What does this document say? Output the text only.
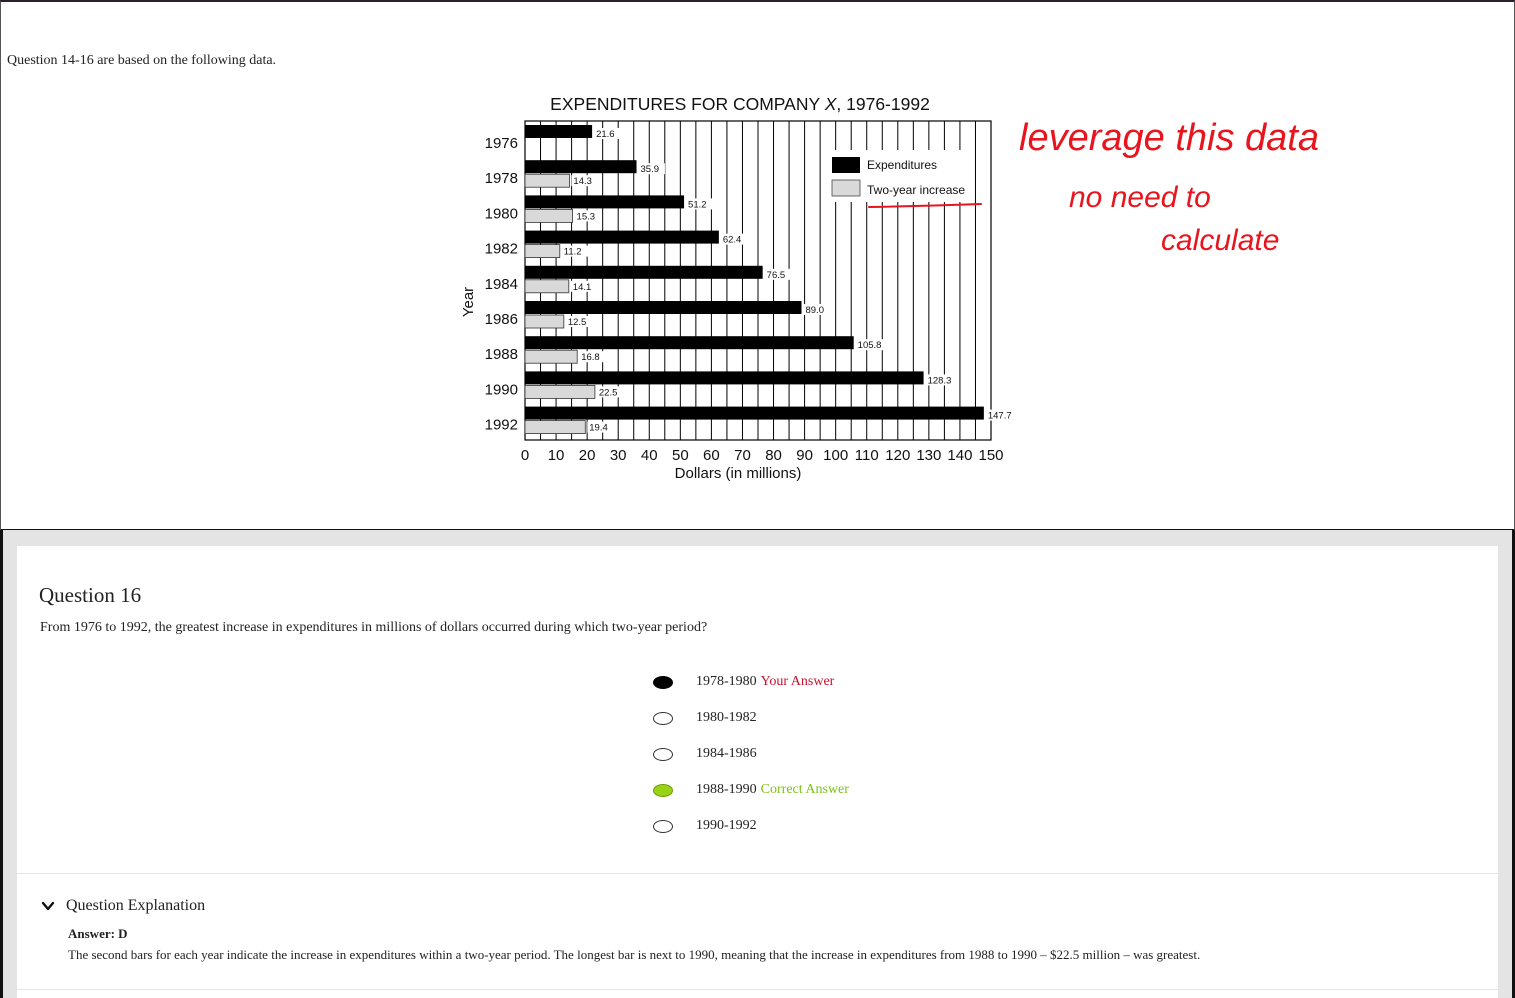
Question 14-16 are based on the following data.
EXPENDITURES FOR COMPANY X, 1976-1992
21.6
35.9
14.3
51.2
15.3
62.4
11.2
76.5
14.1
89.0
12.5
105.8
16.8
128.3
22.5
147.7
19.4
1976
1978
1980
1982
1984
1986
1988
1990
1992
0 10 20 30 40 50 60 70 80 90 100 110 120 130 140 150
Dollars (in millions)
Year
Expenditures
Two-year increase
leverage this data
no need to
calculate
Question 16
From 1976 to 1992, the greatest increase in expenditures in millions of dollars occurred during which two-year period?
1978-1980 Your Answer
1980-1982
1984-1986
1988-1990 Correct Answer
1990-1992
Question Explanation
Answer: D
The second bars for each year indicate the increase in expenditures within a two-year period. The longest bar is next to 1990, meaning that the increase in expenditures from 1988 to 1990 – $22.5 million – was greatest.
